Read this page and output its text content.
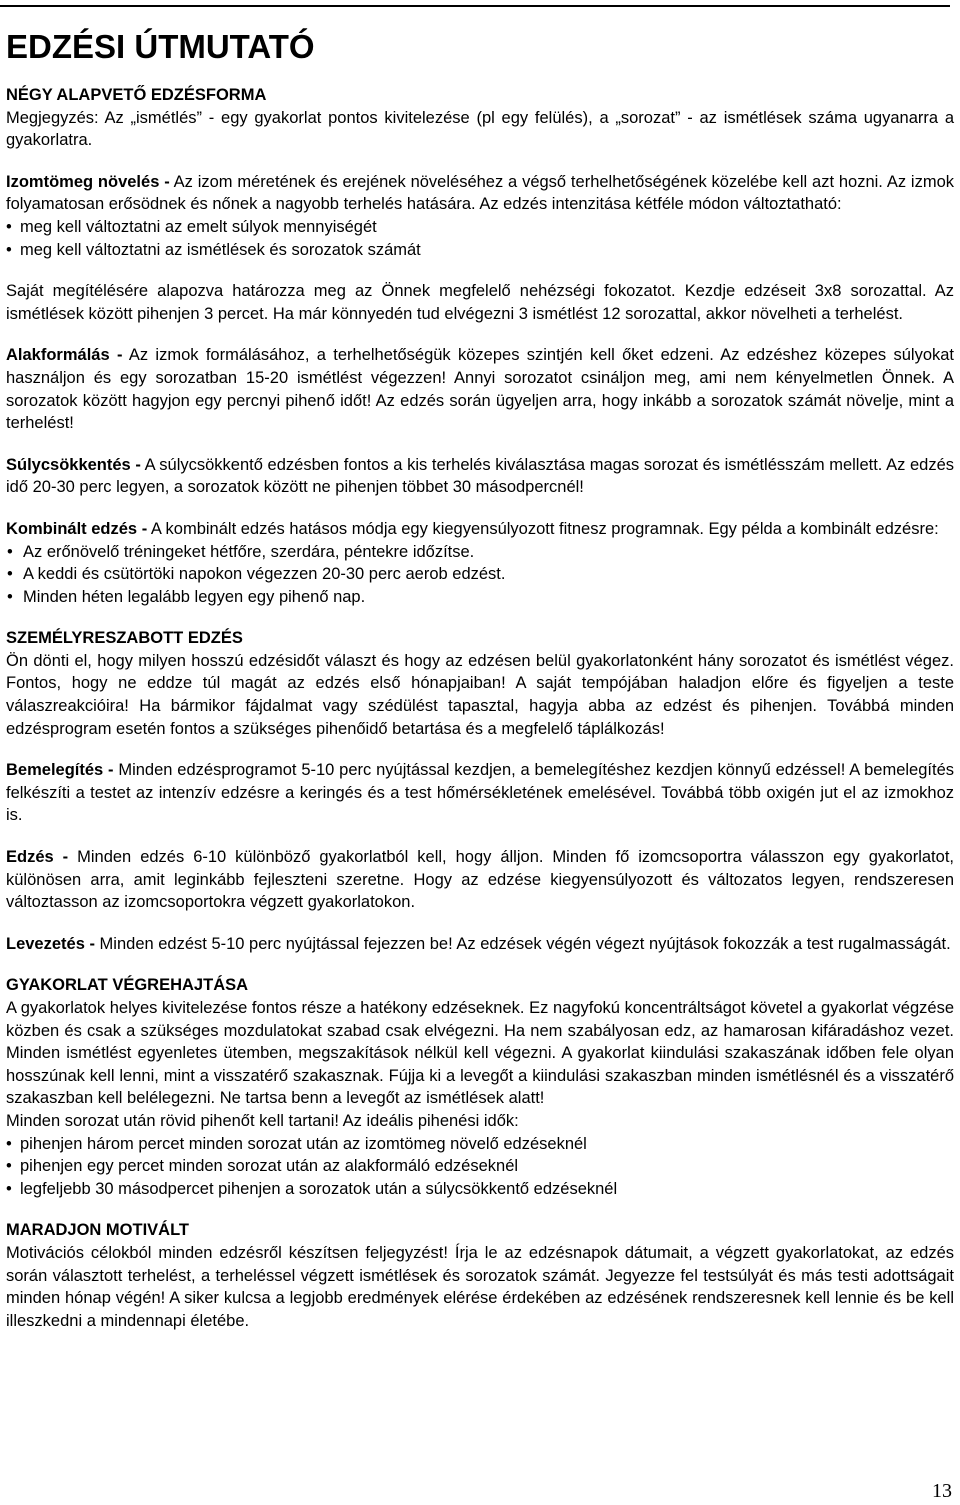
EDZÉSI ÚTMUTATÓ
NÉGY ALAPVETŐ EDZÉSFORMA

Megjegyzés: Az „ismétlés” - egy gyakorlat pontos kivitelezése (pl egy felülés), a „sorozat” - az ismétlések száma ugyanarra a gyakorlatra.

Izomtömeg növelés - Az izom méretének és erejének növeléséhez a végső terhelhetőségének közelébe kell azt hozni. Az izmok folyamatosan erősödnek és nőnek a nagyobb terhelés hatására. Az edzés intenzitása kétféle módon változtatható:

• meg kell változtatni az emelt súlyok mennyiségét
• meg kell változtatni az ismétlések és sorozatok számát

Saját megítélésére alapozva határozza meg az Önnek megfelelő nehézségi fokozatot. Kezdje edzéseit 3x8 sorozattal. Az ismétlések között pihenjen 3 percet. Ha már könnyedén tud elvégezni 3 ismétlést 12 sorozattal, akkor növelheti a terhelést.

Alakformálás - Az izmok formálásához, a terhelhetőségük közepes szintjén kell őket edzeni. Az edzéshez közepes súlyokat használjon és egy sorozatban 15-20 ismétlést végezzen! Annyi sorozatot csináljon meg, ami nem kényelmetlen Önnek. A sorozatok között hagyjon egy percnyi pihenő időt! Az edzés során ügyeljen arra, hogy inkább a sorozatok számát növelje, mint a terhelést!

Súlycsökkentés - A súlycsökkentő edzésben fontos a kis terhelés kiválasztása magas sorozat és ismétlésszám mellett. Az edzés idő 20-30 perc legyen, a sorozatok között ne pihenjen többet 30 másodpercnél!

Kombinált edzés - A kombinált edzés hatásos módja egy kiegyensúlyozott fitnesz programnak. Egy példa a kombinált edzésre:

• Az erőnövelő tréningeket hétfőre, szerdára, péntekre időzítse.
• A keddi és csütörtöki napokon végezzen 20-30 perc aerob edzést.
• Minden héten legalább legyen egy pihenő nap.
SZEMÉLYRESZABOTT EDZÉS

Ön dönti el, hogy milyen hosszú edzésidőt választ és hogy az edzésen belül gyakorlatonként hány sorozatot és ismétlést végez. Fontos, hogy ne eddze túl magát az edzés első hónapjaiban! A saját tempójában haladjon előre és figyeljen a teste válaszreakcióira! Ha bármikor fájdalmat vagy szédülést tapasztal, hagyja abba az edzést és pihenjen. Továbbá minden edzésprogram esetén fontos a szükséges pihenőidő betartása és a megfelelő táplálkozás!

Bemelegítés - Minden edzésprogramot 5-10 perc nyújtással kezdjen, a bemelegítéshez kezdjen könnyű edzéssel! A bemelegítés felkészíti a testet az intenzív edzésre a keringés és a test hőmérsékletének emelésével. Továbbá több oxigén jut el az izmokhoz is.

Edzés - Minden edzés 6-10 különböző gyakorlatból kell, hogy álljon. Minden fő izomcsoportra válasszon egy gyakorlatot, különösen arra, amit leginkább fejleszteni szeretne. Hogy az edzése kiegyensúlyozott és változatos legyen, rendszeresen változtasson az izomcsoportokra végzett gyakorlatokon.

Levezetés - Minden edzést 5-10 perc nyújtással fejezzen be! Az edzések végén végezt nyújtások fokozzák a test rugalmasságát.

GYAKORLAT VÉGREHAJTÁSA

A gyakorlatok helyes kivitelezése fontos része a hatékony edzéseknek. Ez nagyfokú koncentráltságot követel a gyakorlat végzése közben és csak a szükséges mozdulatokat szabad csak elvégezni. Ha nem szabályosan edz, az hamarosan kifáradáshoz vezet. Minden ismétlést egyenletes ütemben, megszakítások nélkül kell végezni. A gyakorlat kiindulási szakaszának időben fele olyan hosszúnak kell lenni, mint a visszatérő szakasznak. Fújja ki a levegőt a kiindulási szakaszban minden ismétlésnél és a visszatérő szakaszban kell belélegezni. Ne tartsa benn a levegőt az ismétlések alatt!

Minden sorozat után rövid pihenőt kell tartani! Az ideális pihenési idők:

• pihenjen három percet minden sorozat után az izomtömeg növelő edzéseknél
• pihenjen egy percet minden sorozat után az alakformáló edzéseknél
• legfeljebb 30 másodpercet pihenjen a sorozatok után a súlycsökkentő edzéseknél
MARADJON MOTIVÁLT

Motivációs célokból minden edzésről készítsen feljegyzést! Írja le az edzésnapok dátumait, a végzett gyakorlatokat, az edzés során választott terhelést, a terheléssel végzett ismétlések és sorozatok számát. Jegyezze fel testsúlyát és más testi adottságait minden hónap végén! A siker kulcsa a legjobb eredmények elérése érdekében az edzésének rendszeresnek kell lennie és be kell illeszkedni a mindennapi életébe.

13
